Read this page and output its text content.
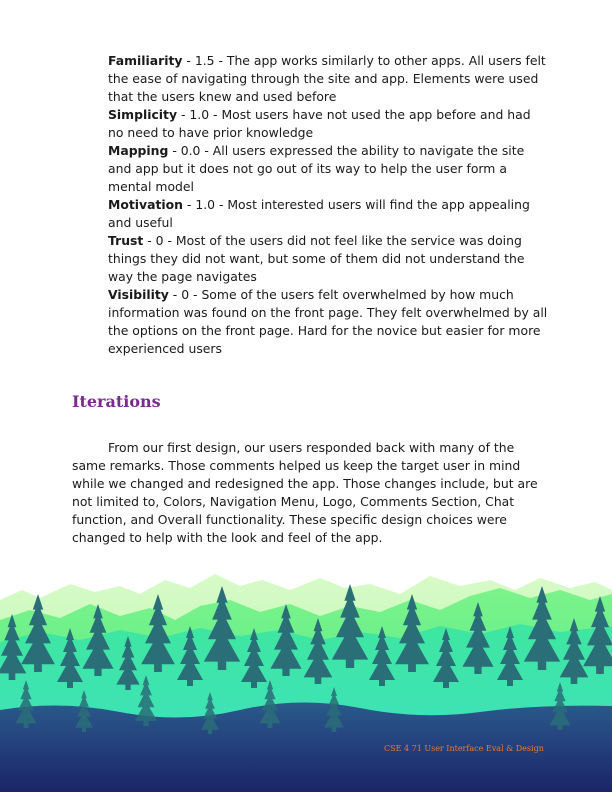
Familiarity - 1.5 - The app works similarly to other apps. All users felt the ease of navigating through the site and app. Elements were used that the users knew and used before

Simplicity - 1.0 - Most users have not used the app before and had no need to have prior knowledge

Mapping - 0.0 - All users expressed the ability to navigate the site and app but it does not go out of its way to help the user form a mental model

Motivation - 1.0 - Most interested users will find the app appealing and useful

Trust - 0 - Most of the users did not feel like the service was doing things they did not want, but some of them did not understand the way the page navigates

Visibility - 0 - Some of the users felt overwhelmed by how much information was found on the front page. They felt overwhelmed by all the options on the front page. Hard for the novice but easier for more experienced users

Iterations

From our first design, our users responded back with many of the same remarks. Those comments helped us keep the target user in mind while we changed and redesigned the app. Those changes include, but are not limited to, Colors, Navigation Menu, Logo, Comments Section, Chat function, and Overall functionality. These specific design choices were changed to help with the look and feel of the app.

CSE 4 71 User Interface Eval & Design
